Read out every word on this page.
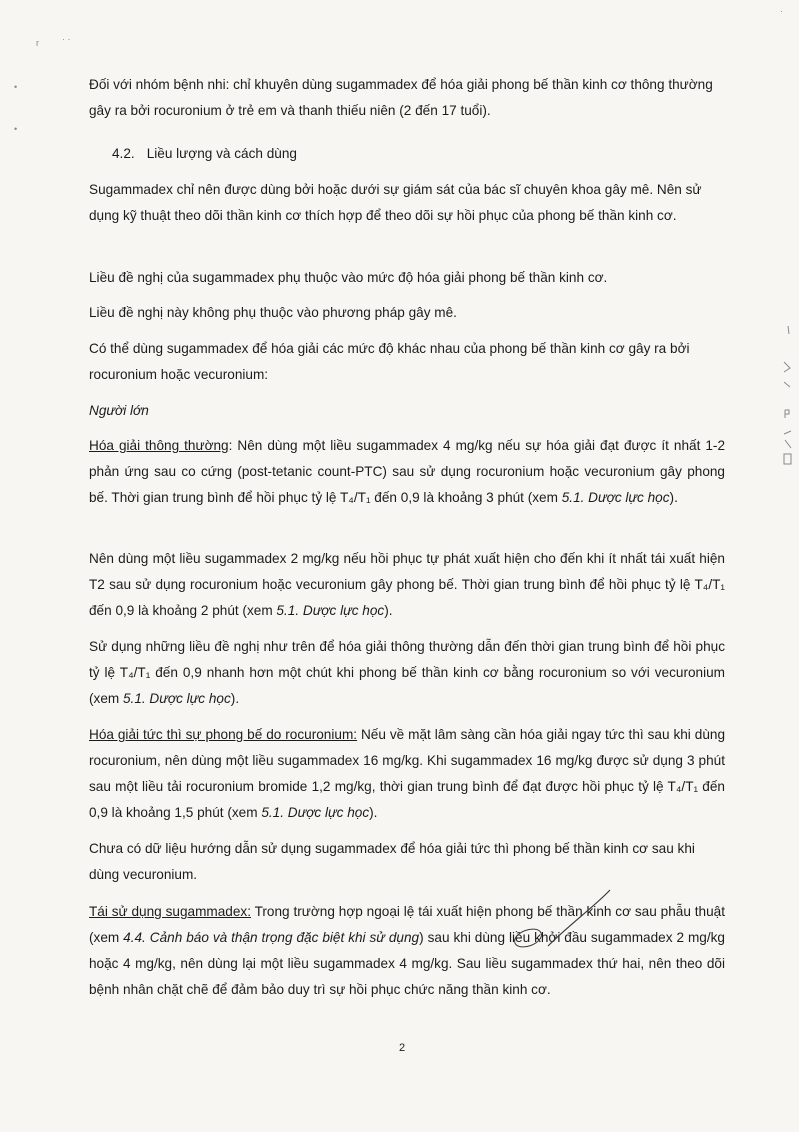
r	· ·
•
•
·

Đối với nhóm bệnh nhi: chỉ khuyên dùng sugammadex để hóa giải phong bế thần kinh cơ thông thường gây ra bởi rocuronium ở trẻ em và thanh thiếu niên (2 đến 17 tuổi).

4.2. Liều lượng và cách dùng

Sugammadex chỉ nên được dùng bởi hoặc dưới sự giám sát của bác sĩ chuyên khoa gây mê. Nên sử dụng kỹ thuật theo dõi thần kinh cơ thích hợp để theo dõi sự hồi phục của phong bế thần kinh cơ.

Liều đề nghị của sugammadex phụ thuộc vào mức độ hóa giải phong bế thần kinh cơ.

Liều đề nghị này không phụ thuộc vào phương pháp gây mê.

Có thể dùng sugammadex để hóa giải các mức độ khác nhau của phong bế thần kinh cơ gây ra bởi rocuronium hoặc vecuronium:

Người lớn

Hóa giải thông thường: Nên dùng một liều sugammadex 4 mg/kg nếu sự hóa giải đạt được ít nhất 1-2 phản ứng sau co cứng (post-tetanic count-PTC) sau sử dụng rocuronium hoặc vecuronium gây phong bế. Thời gian trung bình để hồi phục tỷ lệ T₄/T₁ đến 0,9 là khoảng 3 phút (xem 5.1. Dược lực học).

Nên dùng một liều sugammadex 2 mg/kg nếu hồi phục tự phát xuất hiện cho đến khi ít nhất tái xuất hiện T2 sau sử dụng rocuronium hoặc vecuronium gây phong bế. Thời gian trung bình để hồi phục tỷ lệ T₄/T₁ đến 0,9 là khoảng 2 phút (xem 5.1. Dược lực học).

Sử dụng những liều đề nghị như trên để hóa giải thông thường dẫn đến thời gian trung bình để hồi phục tỷ lệ T₄/T₁ đến 0,9 nhanh hơn một chút khi phong bế thần kinh cơ bằng rocuronium so với vecuronium (xem 5.1. Dược lực học).

Hóa giải tức thì sự phong bế do rocuronium: Nếu về mặt lâm sàng cần hóa giải ngay tức thì sau khi dùng rocuronium, nên dùng một liều sugammadex 16 mg/kg. Khi sugammadex 16 mg/kg được sử dụng 3 phút sau một liều tải rocuronium bromide 1,2 mg/kg, thời gian trung bình để đạt được hồi phục tỷ lệ T₄/T₁ đến 0,9 là khoảng 1,5 phút (xem 5.1. Dược lực học).

Chưa có dữ liệu hướng dẫn sử dụng sugammadex để hóa giải tức thì phong bế thần kinh cơ sau khi dùng vecuronium.

Tái sử dụng sugammadex: Trong trường hợp ngoại lệ tái xuất hiện phong bế thần kinh cơ sau phẫu thuật (xem 4.4. Cảnh báo và thận trọng đặc biệt khi sử dụng) sau khi dùng liều khởi đầu sugammadex 2 mg/kg hoặc 4 mg/kg, nên dùng lại một liều sugammadex 4 mg/kg. Sau liều sugammadex thứ hai, nên theo dõi bệnh nhân chặt chẽ để đảm bảo duy trì sự hồi phục chức năng thần kinh cơ.

2
